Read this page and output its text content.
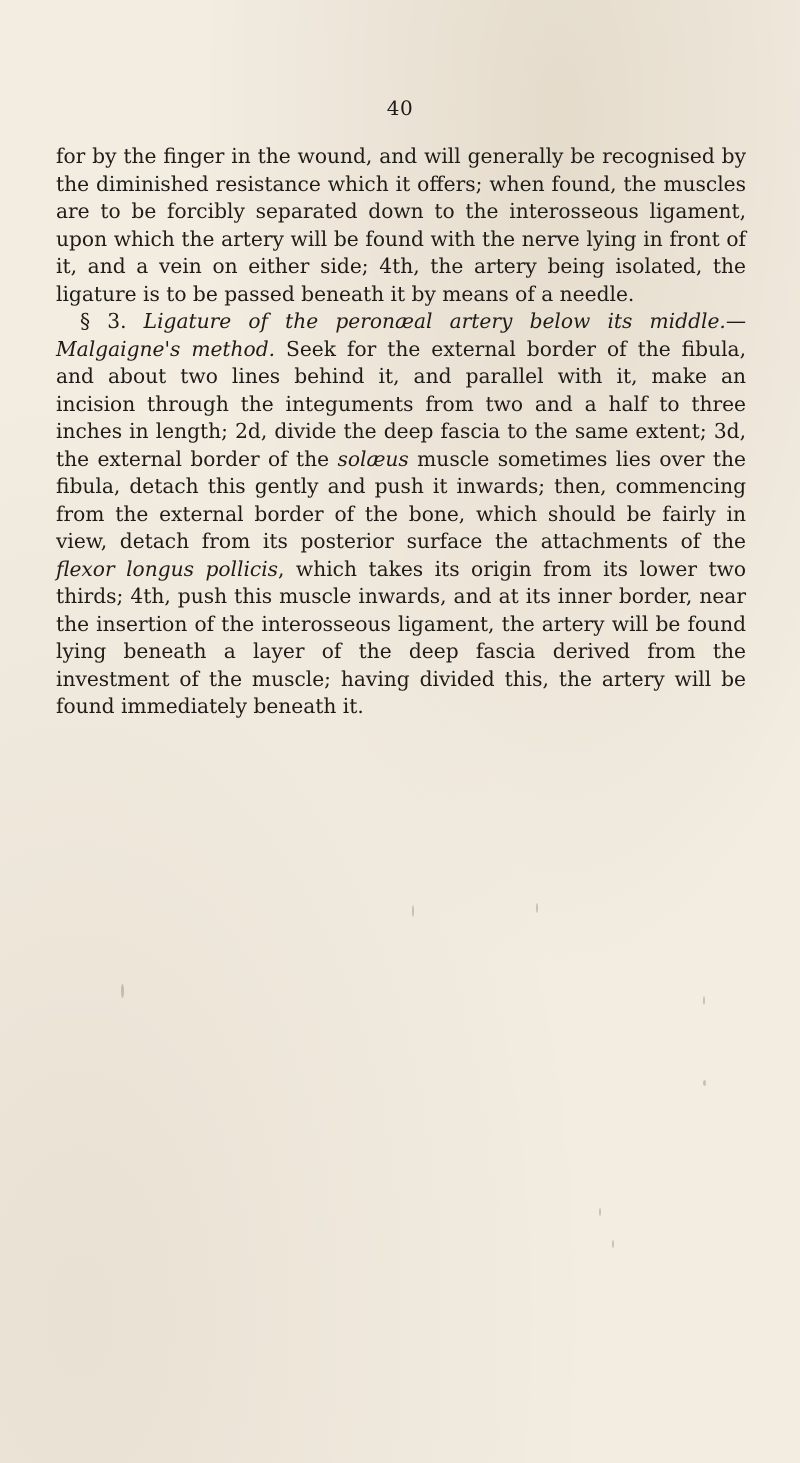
40

for by the finger in the wound, and will generally be recognised by the diminished resistance which it offers; when found, the muscles are to be forcibly separated down to the interosseous ligament, upon which the artery will be found with the nerve lying in front of it, and a vein on either side; 4th, the artery being isolated, the ligature is to be passed beneath it by means of a needle.

§ 3. Ligature of the peronæal artery below its middle.—Malgaigne's method. Seek for the external border of the fibula, and about two lines behind it, and parallel with it, make an incision through the integuments from two and a half to three inches in length; 2d, divide the deep fascia to the same extent; 3d, the external border of the solæus muscle sometimes lies over the fibula, detach this gently and push it inwards; then, commencing from the external border of the bone, which should be fairly in view, detach from its posterior surface the attachments of the flexor longus pollicis, which takes its origin from its lower two thirds; 4th, push this muscle inwards, and at its inner border, near the insertion of the interosseous ligament, the artery will be found lying beneath a layer of the deep fascia derived from the investment of the muscle; having divided this, the artery will be found immediately beneath it.
